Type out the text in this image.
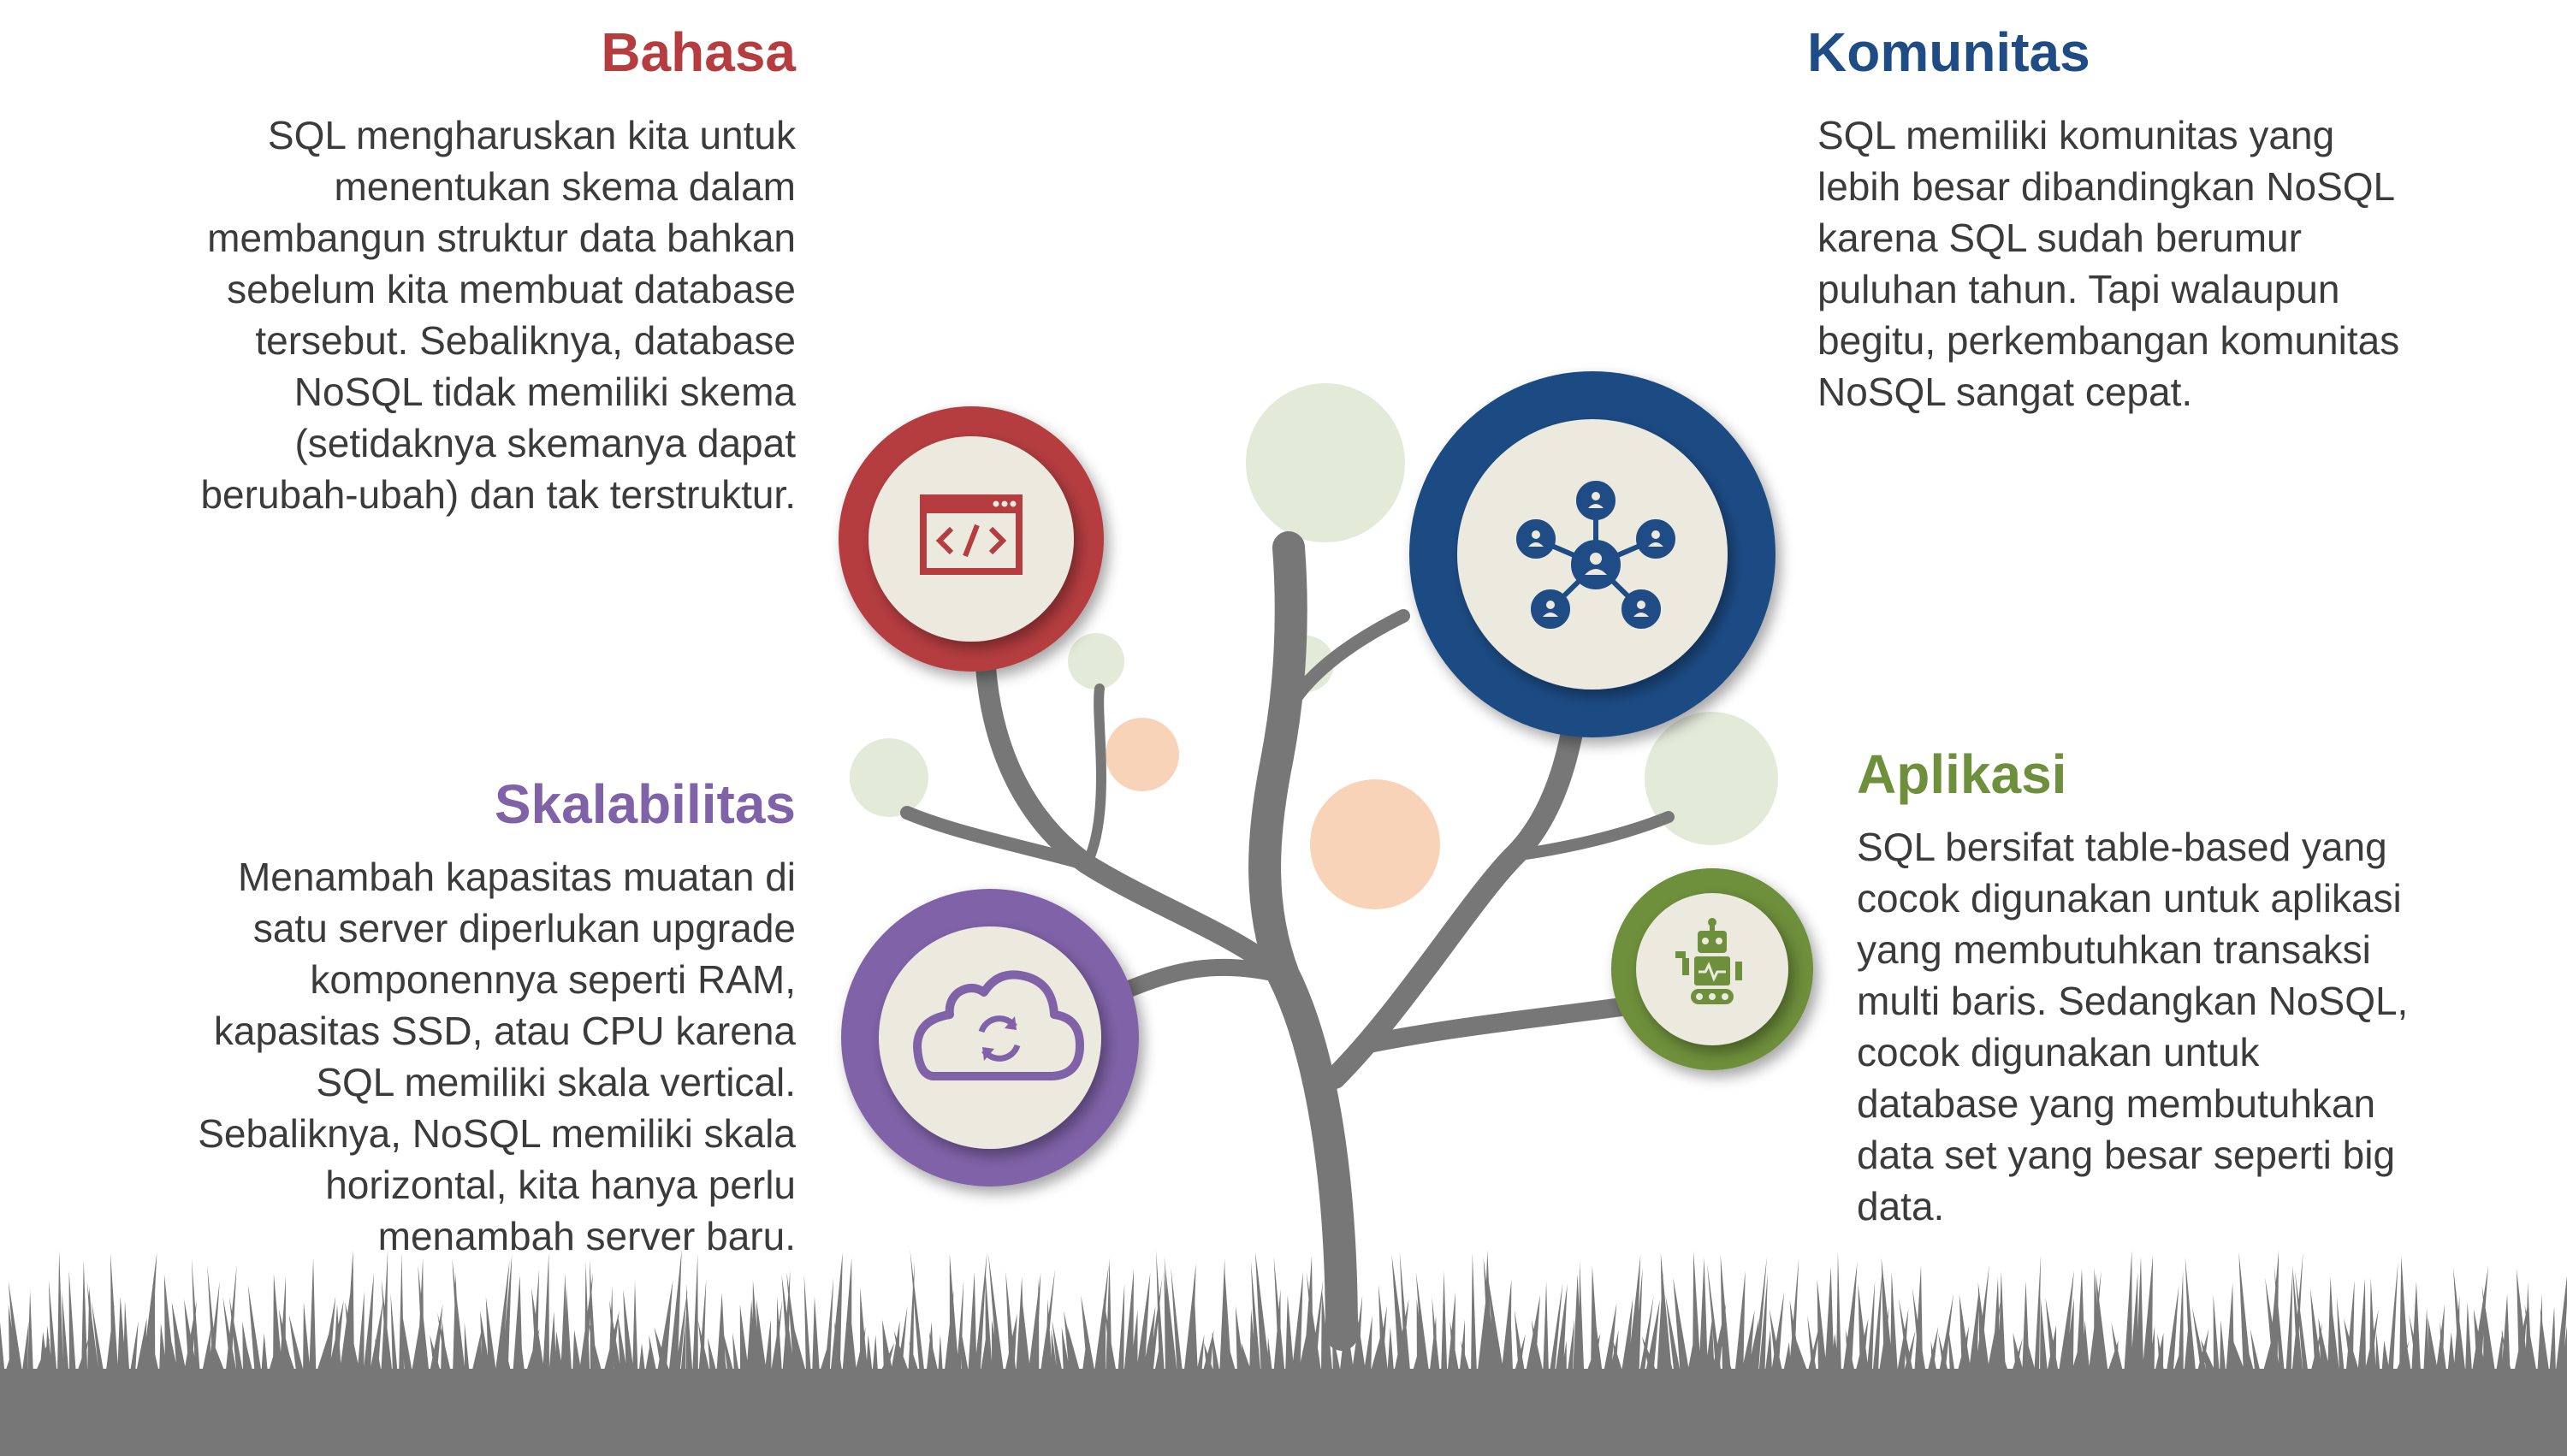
Bahasa

SQL mengharuskan kita untuk
menentukan skema dalam
membangun struktur data bahkan
sebelum kita membuat database
tersebut. Sebaliknya, database
NoSQL tidak memiliki skema
(setidaknya skemanya dapat
berubah-ubah) dan tak terstruktur.

Komunitas

SQL memiliki komunitas yang
lebih besar dibandingkan NoSQL
karena SQL sudah berumur
puluhan tahun. Tapi walaupun
begitu, perkembangan komunitas
NoSQL sangat cepat.

Skalabilitas

Menambah kapasitas muatan di
satu server diperlukan upgrade
komponennya seperti RAM,
kapasitas SSD, atau CPU karena
SQL memiliki skala vertical.
Sebaliknya, NoSQL memiliki skala
horizontal, kita hanya perlu
menambah server baru.

Aplikasi

SQL bersifat table-based yang
cocok digunakan untuk aplikasi
yang membutuhkan transaksi
multi baris. Sedangkan NoSQL,
cocok digunakan untuk
database yang membutuhkan
data set yang besar seperti big
data.
